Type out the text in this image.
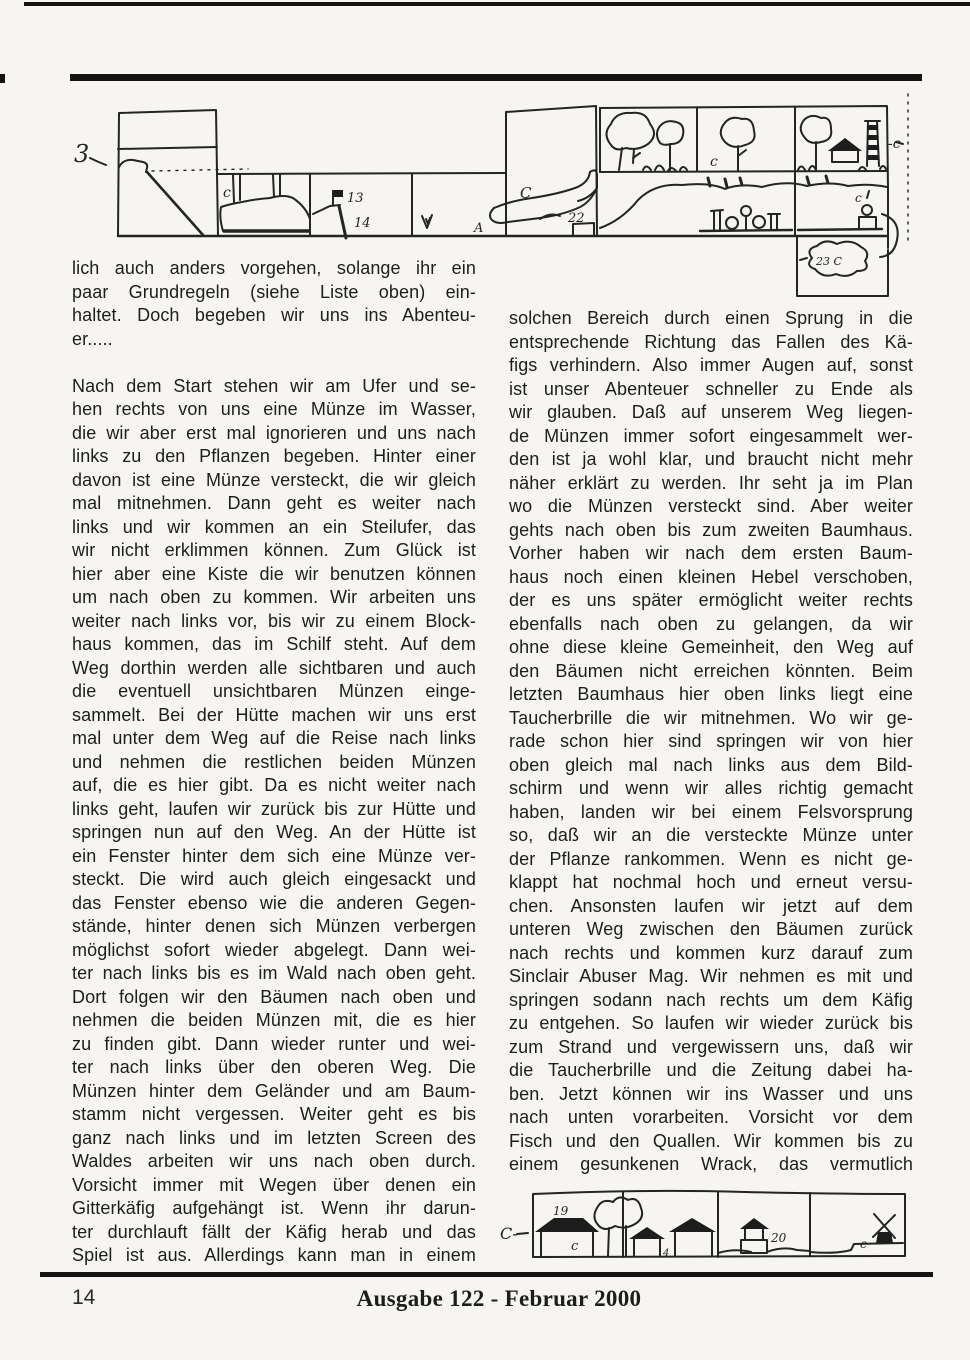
3
c	13
14	A
C
22
c
c
23 C
-c
lich auch anders vorgehen, solange ihr ein
paar Grundregeln (siehe Liste oben) ein-
haltet. Doch begeben wir uns ins Abenteu-
er.....

Nach dem Start stehen wir am Ufer und se-
hen rechts von uns eine Münze im Wasser,
die wir aber erst mal ignorieren und uns nach
links zu den Pflanzen begeben. Hinter einer
davon ist eine Münze versteckt, die wir gleich
mal mitnehmen. Dann geht es weiter nach
links und wir kommen an ein Steilufer, das
wir nicht erklimmen können. Zum Glück ist
hier aber eine Kiste die wir benutzen können
um nach oben zu kommen. Wir arbeiten uns
weiter nach links vor, bis wir zu einem Block-
haus kommen, das im Schilf steht. Auf dem
Weg dorthin werden alle sichtbaren und auch
die eventuell unsichtbaren Münzen einge-
sammelt. Bei der Hütte machen wir uns erst
mal unter dem Weg auf die Reise nach links
und nehmen die restlichen beiden Münzen
auf, die es hier gibt. Da es nicht weiter nach
links geht, laufen wir zurück bis zur Hütte und
springen nun auf den Weg. An der Hütte ist
ein Fenster hinter dem sich eine Münze ver-
steckt. Die wird auch gleich eingesackt und
das Fenster ebenso wie die anderen Gegen-
stände, hinter denen sich Münzen verbergen
möglichst sofort wieder abgelegt. Dann wei-
ter nach links bis es im Wald nach oben geht.
Dort folgen wir den Bäumen nach oben und
nehmen die beiden Münzen mit, die es hier
zu finden gibt. Dann wieder runter und wei-
ter nach links über den oberen Weg. Die
Münzen hinter dem Geländer und am Baum-
stamm nicht vergessen. Weiter geht es bis
ganz nach links und im letzten Screen des
Waldes arbeiten wir uns nach oben durch.
Vorsicht immer mit Wegen über denen ein
Gitterkäfig aufgehängt ist. Wenn ihr darun-
ter durchlauft fällt der Käfig herab und das
Spiel ist aus. Allerdings kann man in einem
solchen Bereich durch einen Sprung in die
entsprechende Richtung das Fallen des Kä-
figs verhindern. Also immer Augen auf, sonst
ist unser Abenteuer schneller zu Ende als
wir glauben. Daß auf unserem Weg liegen-
de Münzen immer sofort eingesammelt wer-
den ist ja wohl klar, und braucht nicht mehr
näher erklärt zu werden. Ihr seht ja im Plan
wo die Münzen versteckt sind. Aber weiter
gehts nach oben bis zum zweiten Baumhaus.
Vorher haben wir nach dem ersten Baum-
haus noch einen kleinen Hebel verschoben,
der es uns später ermöglicht weiter rechts
ebenfalls nach oben zu gelangen, da wir
ohne diese kleine Gemeinheit, den Weg auf
den Bäumen nicht erreichen könnten. Beim
letzten Baumhaus hier oben links liegt eine
Taucherbrille die wir mitnehmen. Wo wir ge-
rade schon hier sind springen wir von hier
oben gleich mal nach links aus dem Bild-
schirm und wenn wir alles richtig gemacht
haben, landen wir bei einem Felsvorsprung
so, daß wir an die versteckte Münze unter
der Pflanze rankommen. Wenn es nicht ge-
klappt hat nochmal hoch und erneut versu-
chen. Ansonsten laufen wir jetzt auf dem
unteren Weg zwischen den Bäumen zurück
nach rechts und kommen kurz darauf zum
Sinclair Abuser Mag. Wir nehmen es mit und
springen sodann nach rechts um dem Käfig
zu entgehen. So laufen wir wieder zurück bis
zum Strand und vergewissern uns, daß wir
die Taucherbrille und die Zeitung dabei ha-
ben. Jetzt können wir ins Wasser und uns
nach unten vorarbeiten. Vorsicht vor dem
Fisch und den Quallen. Wir kommen bis zu
einem gesunkenen Wrack, das vermutlich
C-
19
c	4
20	c
14	Ausgabe 122 - Februar 2000
